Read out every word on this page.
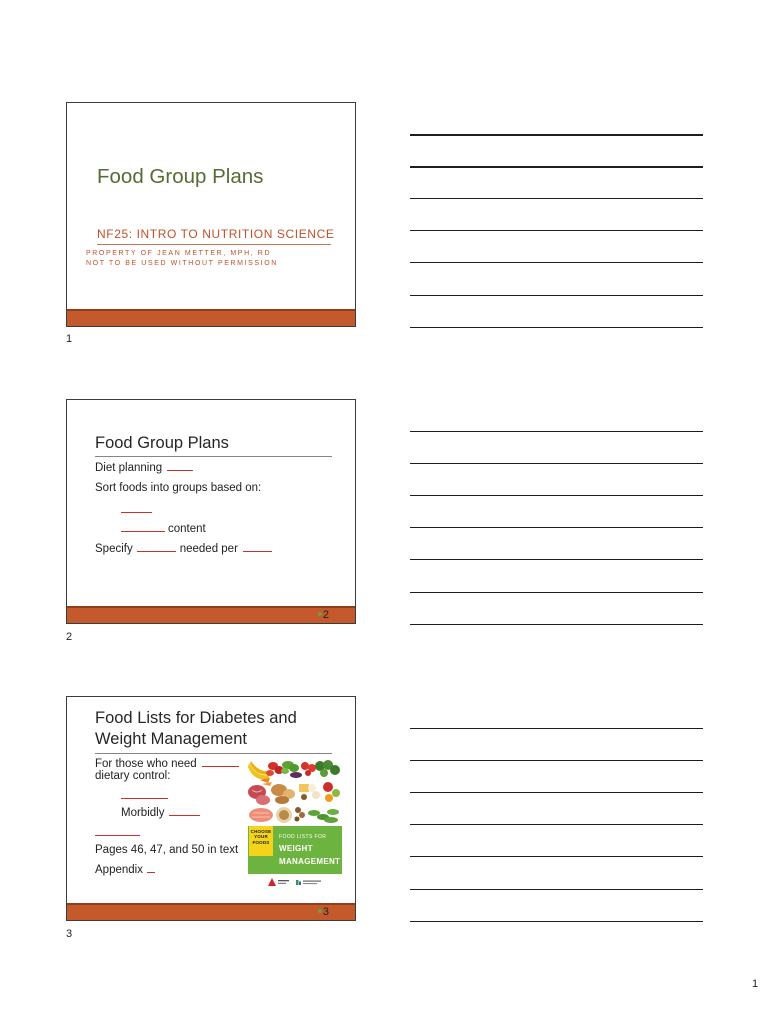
Food Group Plans
NF25: INTRO TO NUTRITION SCIENCE
PROPERTY OF JEAN METTER, MPH, RD
NOT TO BE USED WITHOUT PERMISSION
1
Food Group Plans
Diet planning
Sort foods into groups based on:
content
Specify	needed per
2
2
Food Lists for Diabetes and
Weight Management
For those who need
dietary control:
Morbidly
Pages 46, 47, and 50 in text
Appendix
CHOOSE
YOUR
FOODS
FOOD LISTS FOR
WEIGHT
MANAGEMENT
3
3
1
